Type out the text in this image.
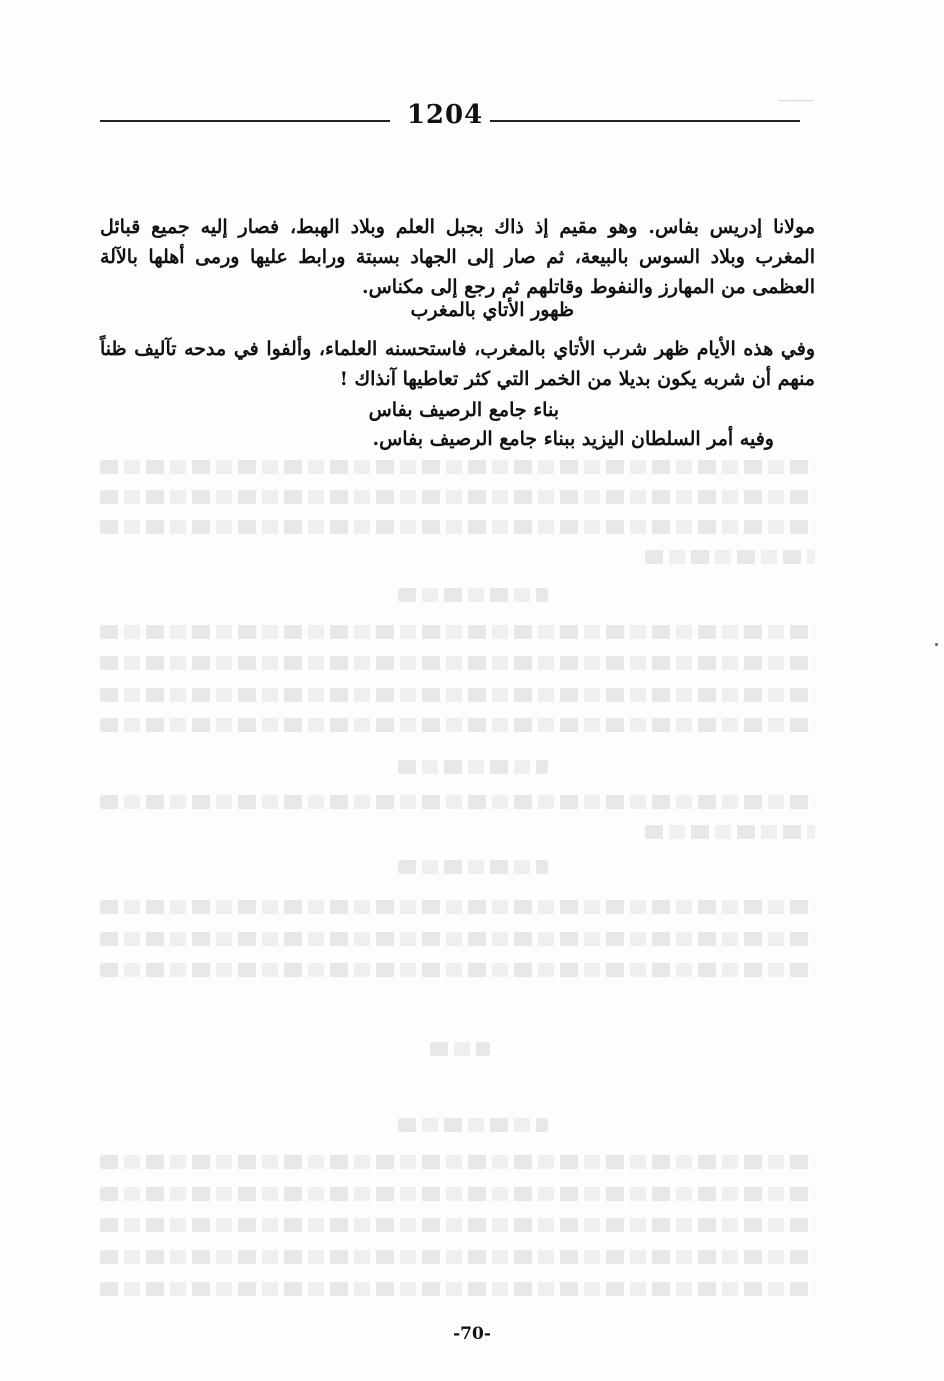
﹏﹏
1204
مولانا إدريس بفاس. وهو مقيم إذ ذاك بجبل العلم وبلاد الهبط، فصار إليه جميع قبائل المغرب وبلاد السوس بالبيعة، ثم صار إلى الجهاد بسبتة ورابط عليها ورمى أهلها بالآلة العظمى من المهارز والنفوط وقاتلهم ثم رجع إلى مكناس.
ظهور الأتاي بالمغرب
وفي هذه الأيام ظهر شرب الأتاي بالمغرب، فاستحسنه العلماء، وألفوا في مدحه تآليف ظناً منهم أن شربه يكون بديلا من الخمر التي كثر تعاطيها آنذاك !
بناء جامع الرصيف بفاس
وفيه أمر السلطان اليزيد ببناء جامع الرصيف بفاس.
-70-
